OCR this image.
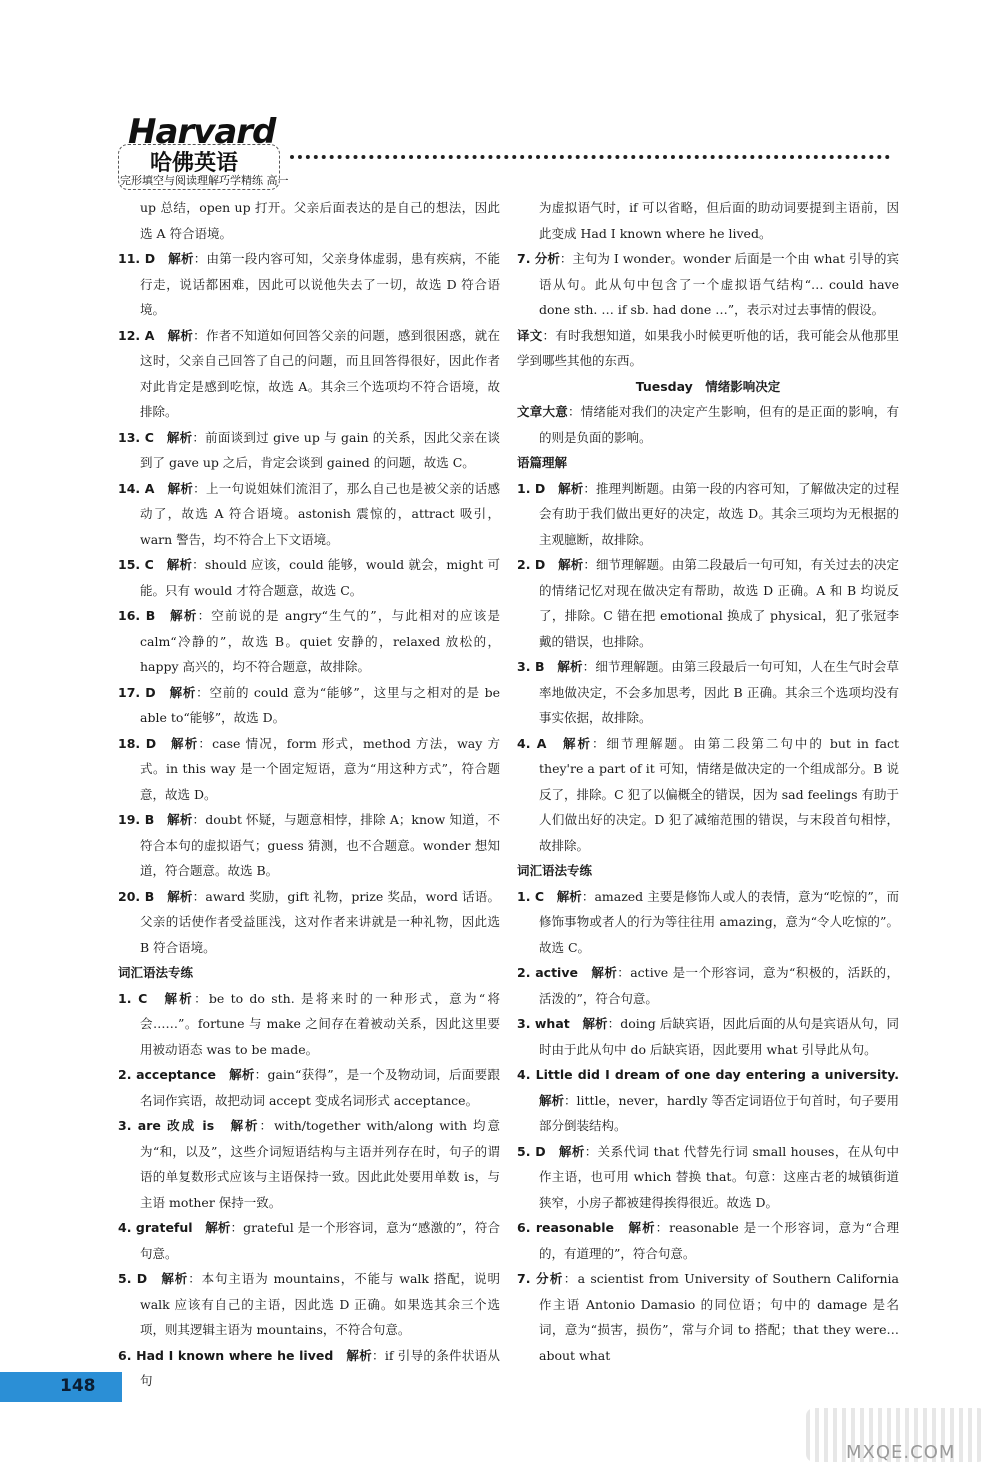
Harvard
哈佛英语
完形填空与阅读理解巧学精练 高一
up 总结，open up 打开。父亲后面表达的是自己的想法，因此选 A 符合语境。
11. D　 解析：由第一段内容可知，父亲身体虚弱，患有疾病，不能行走，说话都困难，因此可以说他失去了一切，故选 D 符合语境。
12. A　 解析：作者不知道如何回答父亲的问题，感到很困惑，就在这时，父亲自己回答了自己的问题，而且回答得很好，因此作者对此肯定是感到吃惊，故选 A。其余三个选项均不符合语境，故排除。
13. C　 解析：前面谈到过 give up 与 gain 的关系，因此父亲在谈到了 gave up 之后，肯定会谈到 gained 的问题，故选 C。
14. A　 解析：上一句说姐妹们流泪了，那么自己也是被父亲的话感动了，故选 A 符合语境。astonish 震惊的，attract 吸引，warn 警告，均不符合上下文语境。
15. C　 解析：should 应该，could 能够，would 就会，might 可能。只有 would 才符合题意，故选 C。
16. B　 解析：空前说的是 angry“生气的”，与此相对的应该是 calm“冷静的”，故选 B。quiet 安静的，relaxed 放松的，happy 高兴的，均不符合题意，故排除。
17. D　 解析：空前的 could 意为“能够”，这里与之相对的是 be able to“能够”，故选 D。
18. D　 解析：case 情况，form 形式，method 方法，way 方式。in this way 是一个固定短语，意为“用这种方式”，符合题意，故选 D。
19. B　 解析：doubt 怀疑，与题意相悖，排除 A；know 知道，不符合本句的虚拟语气；guess 猜测，也不合题意。wonder 想知道，符合题意。故选 B。
20. B　 解析：award 奖励，gift 礼物，prize 奖品，word 话语。父亲的话使作者受益匪浅，这对作者来讲就是一种礼物，因此选 B 符合语境。
词汇语法专练
1. C　 解析：be to do sth. 是将来时的一种形式，意为“将会……”。fortune 与 make 之间存在着被动关系，因此这里要用被动语态 was to be made。
2. acceptance　 解析：gain“获得”，是一个及物动词，后面要跟名词作宾语，故把动词 accept 变成名词形式 acceptance。
3. are 改成 is　 解析：with/together with/along with 均意为“和，以及”，这些介词短语结构与主语并列存在时，句子的谓语的单复数形式应该与主语保持一致。因此此处要用单数 is，与主语 mother 保持一致。
4. grateful　 解析：grateful 是一个形容词，意为“感激的”，符合句意。
5. D　 解析：本句主语为 mountains，不能与 walk 搭配，说明 walk 应该有自己的主语，因此选 D 正确。如果选其余三个选项，则其逻辑主语为 mountains，不符合句意。
6. Had I known where he lived　 解析：if 引导的条件状语从句
为虚拟语气时，if 可以省略，但后面的助动词要提到主语前，因此变成 Had I known where he lived。
7. 分析：主句为 I wonder。wonder 后面是一个由 what 引导的宾语从句。此从句中包含了一个虚拟语气结构“… could have done sth. … if sb. had done …”，表示对过去事情的假设。
译文：有时我想知道，如果我小时候更听他的话，我可能会从他那里学到哪些其他的东西。
Tuesday　情绪影响决定
文章大意：情绪能对我们的决定产生影响，但有的是正面的影响，有的则是负面的影响。
语篇理解
1. D　 解析：推理判断题。由第一段的内容可知，了解做决定的过程会有助于我们做出更好的决定，故选 D。其余三项均为无根据的主观臆断，故排除。
2. D　 解析：细节理解题。由第二段最后一句可知，有关过去的决定的情绪记忆对现在做决定有帮助，故选 D 正确。A 和 B 均说反了，排除。C 错在把 emotional 换成了 physical，犯了张冠李戴的错误，也排除。
3. B　 解析：细节理解题。由第三段最后一句可知，人在生气时会草率地做决定，不会多加思考，因此 B 正确。其余三个选项均没有事实依据，故排除。
4. A　 解析：细节理解题。由第二段第二句中的 but in fact they're a part of it 可知，情绪是做决定的一个组成部分。B 说反了，排除。C 犯了以偏概全的错误，因为 sad feelings 有助于人们做出好的决定。D 犯了减缩范围的错误，与末段首句相悖，故排除。
词汇语法专练
1. C　 解析：amazed 主要是修饰人或人的表情，意为“吃惊的”，而修饰事物或者人的行为等往往用 amazing，意为“令人吃惊的”。故选 C。
2. active　 解析：active 是一个形容词，意为“积极的，活跃的，活泼的”，符合句意。
3. what　 解析：doing 后缺宾语，因此后面的从句是宾语从句，同时由于此从句中 do 后缺宾语，因此要用 what 引导此从句。
4. Little did I dream of one day entering a university.　解析：little，never，hardly 等否定词语位于句首时，句子要用部分倒装结构。
5. D　 解析：关系代词 that 代替先行词 small houses，在从句中作主语，也可用 which 替换 that。句意：这座古老的城镇街道狭窄，小房子都被建得挨得很近。故选 D。
6. reasonable　 解析：reasonable 是一个形容词，意为“合理的，有道理的”，符合句意。
7. 分析：a scientist from University of Southern California 作主语 Antonio Damasio 的同位语；句中的 damage 是名词，意为“损害，损伤”，常与介词 to 搭配；that they were… about what
148
MXQE.COM
